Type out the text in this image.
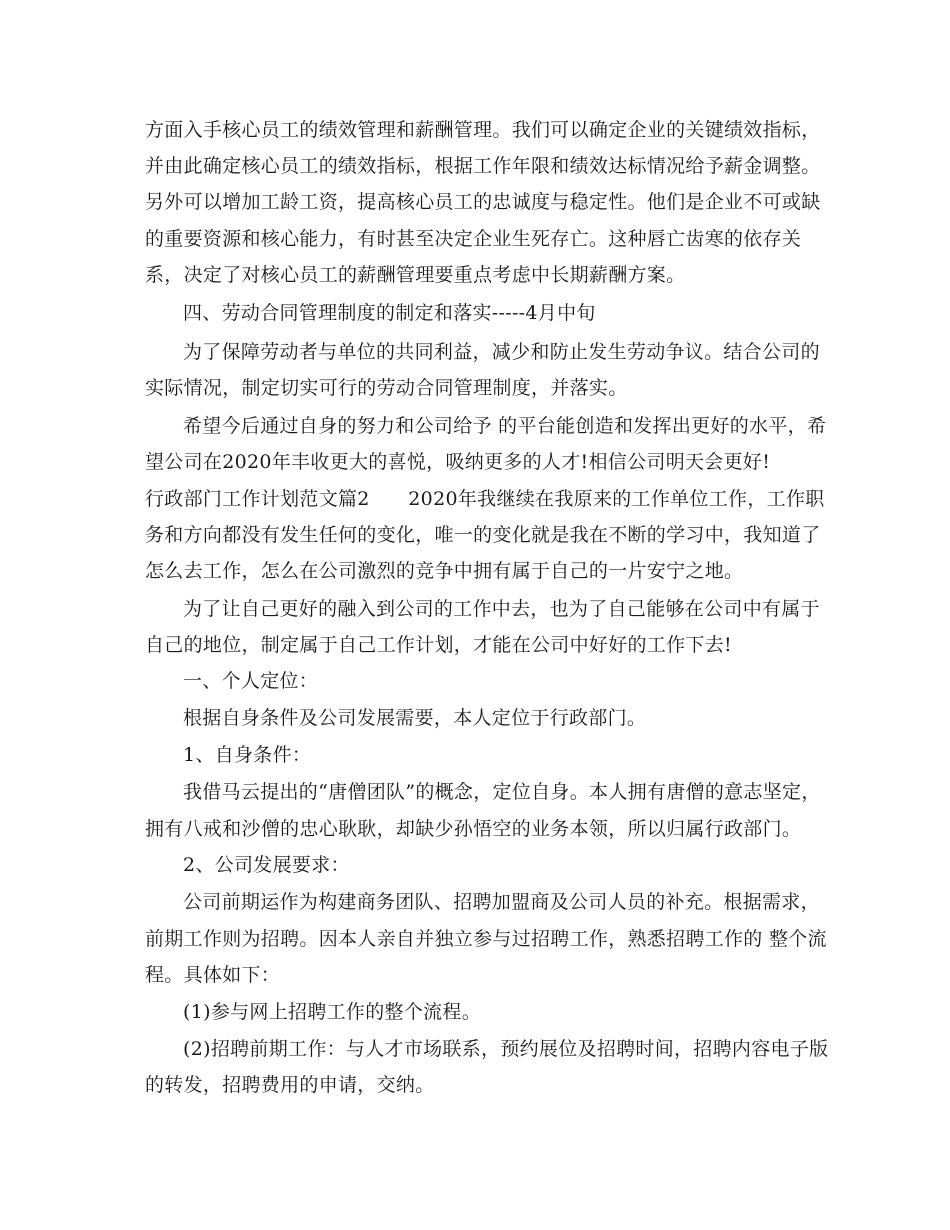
方面入手核心员工的绩效管理和薪酬管理。我们可以确定企业的关键绩效指标，
并由此确定核心员工的绩效指标，根据工作年限和绩效达标情况给予薪金调整。
另外可以增加工龄工资，提高核心员工的忠诚度与稳定性。他们是企业不可或缺
的重要资源和核心能力，有时甚至决定企业生死存亡。这种唇亡齿寒的依存关
系，决定了对核心员工的薪酬管理要重点考虑中长期薪酬方案。
四、劳动合同管理制度的制定和落实-----4月中旬
为了保障劳动者与单位的共同利益，减少和防止发生劳动争议。结合公司的
实际情况，制定切实可行的劳动合同管理制度，并落实。
希望今后通过自身的努力和公司给予 的平台能创造和发挥出更好的水平，希
望公司在2020年丰收更大的喜悦，吸纳更多的人才!相信公司明天会更好!
行政部门工作计划范文篇2　　2020年我继续在我原来的工作单位工作，工作职
务和方向都没有发生任何的变化，唯一的变化就是我在不断的学习中，我知道了
怎么去工作，怎么在公司激烈的竞争中拥有属于自己的一片安宁之地。
为了让自己更好的融入到公司的工作中去，也为了自己能够在公司中有属于
自己的地位，制定属于自己工作计划，才能在公司中好好的工作下去!
一、个人定位：
根据自身条件及公司发展需要，本人定位于行政部门。
1、自身条件：
我借马云提出的“唐僧团队”的概念，定位自身。本人拥有唐僧的意志坚定，
拥有八戒和沙僧的忠心耿耿，却缺少孙悟空的业务本领，所以归属行政部门。
2、公司发展要求：
公司前期运作为构建商务团队、招聘加盟商及公司人员的补充。根据需求，
前期工作则为招聘。因本人亲自并独立参与过招聘工作，熟悉招聘工作的 整个流
程。具体如下：
(1)参与网上招聘工作的整个流程。
(2)招聘前期工作：与人才市场联系，预约展位及招聘时间，招聘内容电子版
的转发，招聘费用的申请，交纳。
